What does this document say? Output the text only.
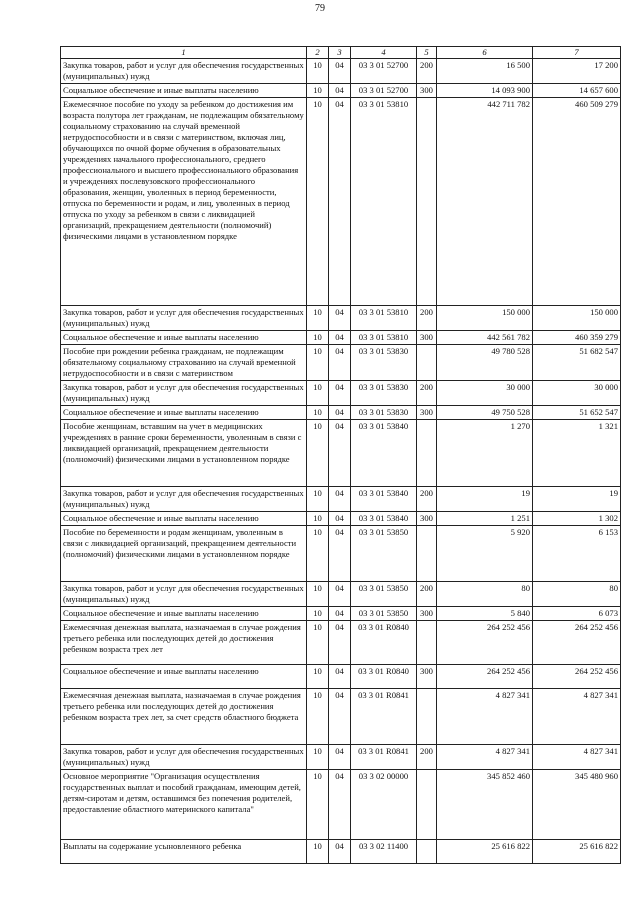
79
1	2	3	4	5	6	7
Закупка товаров, работ и услуг для обеспечения государственных (муниципальных) нужд	10	04	03 3 01 52700	200	16 500	17 200
Социальное обеспечение и иные выплаты населению	10	04	03 3 01 52700	300	14 093 900	14 657 600
Ежемесячное пособие по уходу за ребенком до достижения им возраста полутора лет гражданам, не подлежащим обязательному социальному страхованию на случай временной нетрудоспособности и в связи с материнством, включая лиц, обучающихся по очной форме обучения в образовательных учреждениях начального профессионального, среднего профессионального и высшего профессионального образования и учреждениях послевузовского профессионального образования, женщин, уволенных в период беременности, отпуска по беременности и родам, и лиц, уволенных в период отпуска по уходу за ребенком в связи с ликвидацией организаций, прекращением деятельности (полномочий) физическими лицами в установленном порядке	10	04	03 3 01 53810		442 711 782	460 509 279
Закупка товаров, работ и услуг для обеспечения государственных (муниципальных) нужд	10	04	03 3 01 53810	200	150 000	150 000
Социальное обеспечение и иные выплаты населению	10	04	03 3 01 53810	300	442 561 782	460 359 279
Пособие при рождении ребенка гражданам, не подлежащим обязательному социальному страхованию на случай временной нетрудоспособности и в связи с материнством	10	04	03 3 01 53830		49 780 528	51 682 547
Закупка товаров, работ и услуг для обеспечения государственных (муниципальных) нужд	10	04	03 3 01 53830	200	30 000	30 000
Социальное обеспечение и иные выплаты населению	10	04	03 3 01 53830	300	49 750 528	51 652 547
Пособие женщинам, вставшим на учет в медицинских учреждениях в ранние сроки беременности, уволенным в связи с ликвидацией организаций, прекращением деятельности (полномочий) физическими лицами в установленном порядке	10	04	03 3 01 53840		1 270	1 321
Закупка товаров, работ и услуг для обеспечения государственных (муниципальных) нужд	10	04	03 3 01 53840	200	19	19
Социальное обеспечение и иные выплаты населению	10	04	03 3 01 53840	300	1 251	1 302
Пособие по беременности и родам женщинам, уволенным в связи с ликвидацией организаций, прекращением деятельности (полномочий) физическими лицами в установленном порядке	10	04	03 3 01 53850		5 920	6 153
Закупка товаров, работ и услуг для обеспечения государственных (муниципальных) нужд	10	04	03 3 01 53850	200	80	80
Социальное обеспечение и иные выплаты населению	10	04	03 3 01 53850	300	5 840	6 073
Ежемесячная денежная выплата, назначаемая в случае рождения третьего ребенка или последующих детей до достижения ребенком возраста трех лет	10	04	03 3 01 R0840		264 252 456	264 252 456
Социальное обеспечение и иные выплаты населению	10	04	03 3 01 R0840	300	264 252 456	264 252 456
Ежемесячная денежная выплата, назначаемая в случае рождения третьего ребенка или последующих детей до достижения ребенком возраста трех лет, за счет средств областного бюджета	10	04	03 3 01 R0841		4 827 341	4 827 341
Закупка товаров, работ и услуг для обеспечения государственных (муниципальных) нужд	10	04	03 3 01 R0841	200	4 827 341	4 827 341
Основное мероприятие "Организация осуществления государственных выплат и пособий гражданам, имеющим детей, детям-сиротам и детям, оставшимся без попечения родителей, предоставление областного материнского капитала"	10	04	03 3 02 00000		345 852 460	345 480 960
Выплаты на содержание усыновленного ребенка	10	04	03 3 02 11400		25 616 822	25 616 822
